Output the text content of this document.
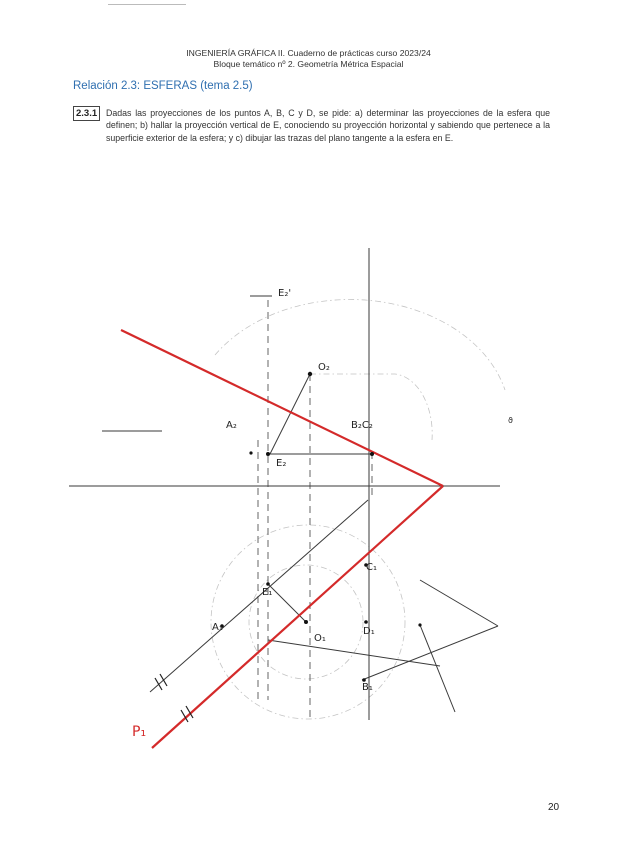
INGENIERÍA GRÁFICA II. Cuaderno de prácticas curso 2023/24
Bloque temático nº 2. Geometría Métrica Espacial
Relación 2.3: ESFERAS (tema 2.5)
2.3.1	Dadas las proyecciones de los puntos A, B, C y D, se pide: a) determinar las proyecciones de la esfera que definen; b) hallar la proyección vertical de E, conociendo su proyección horizontal y sabiendo que pertenece a la superficie exterior de la esfera; y c) dibujar las trazas del plano tangente a la esfera en E.
E₂'
O₂
A₂	B₂C₂
E₂
C₁
E₁
A₁
O₁
D₁
B₁
P₁
ϑ
20
